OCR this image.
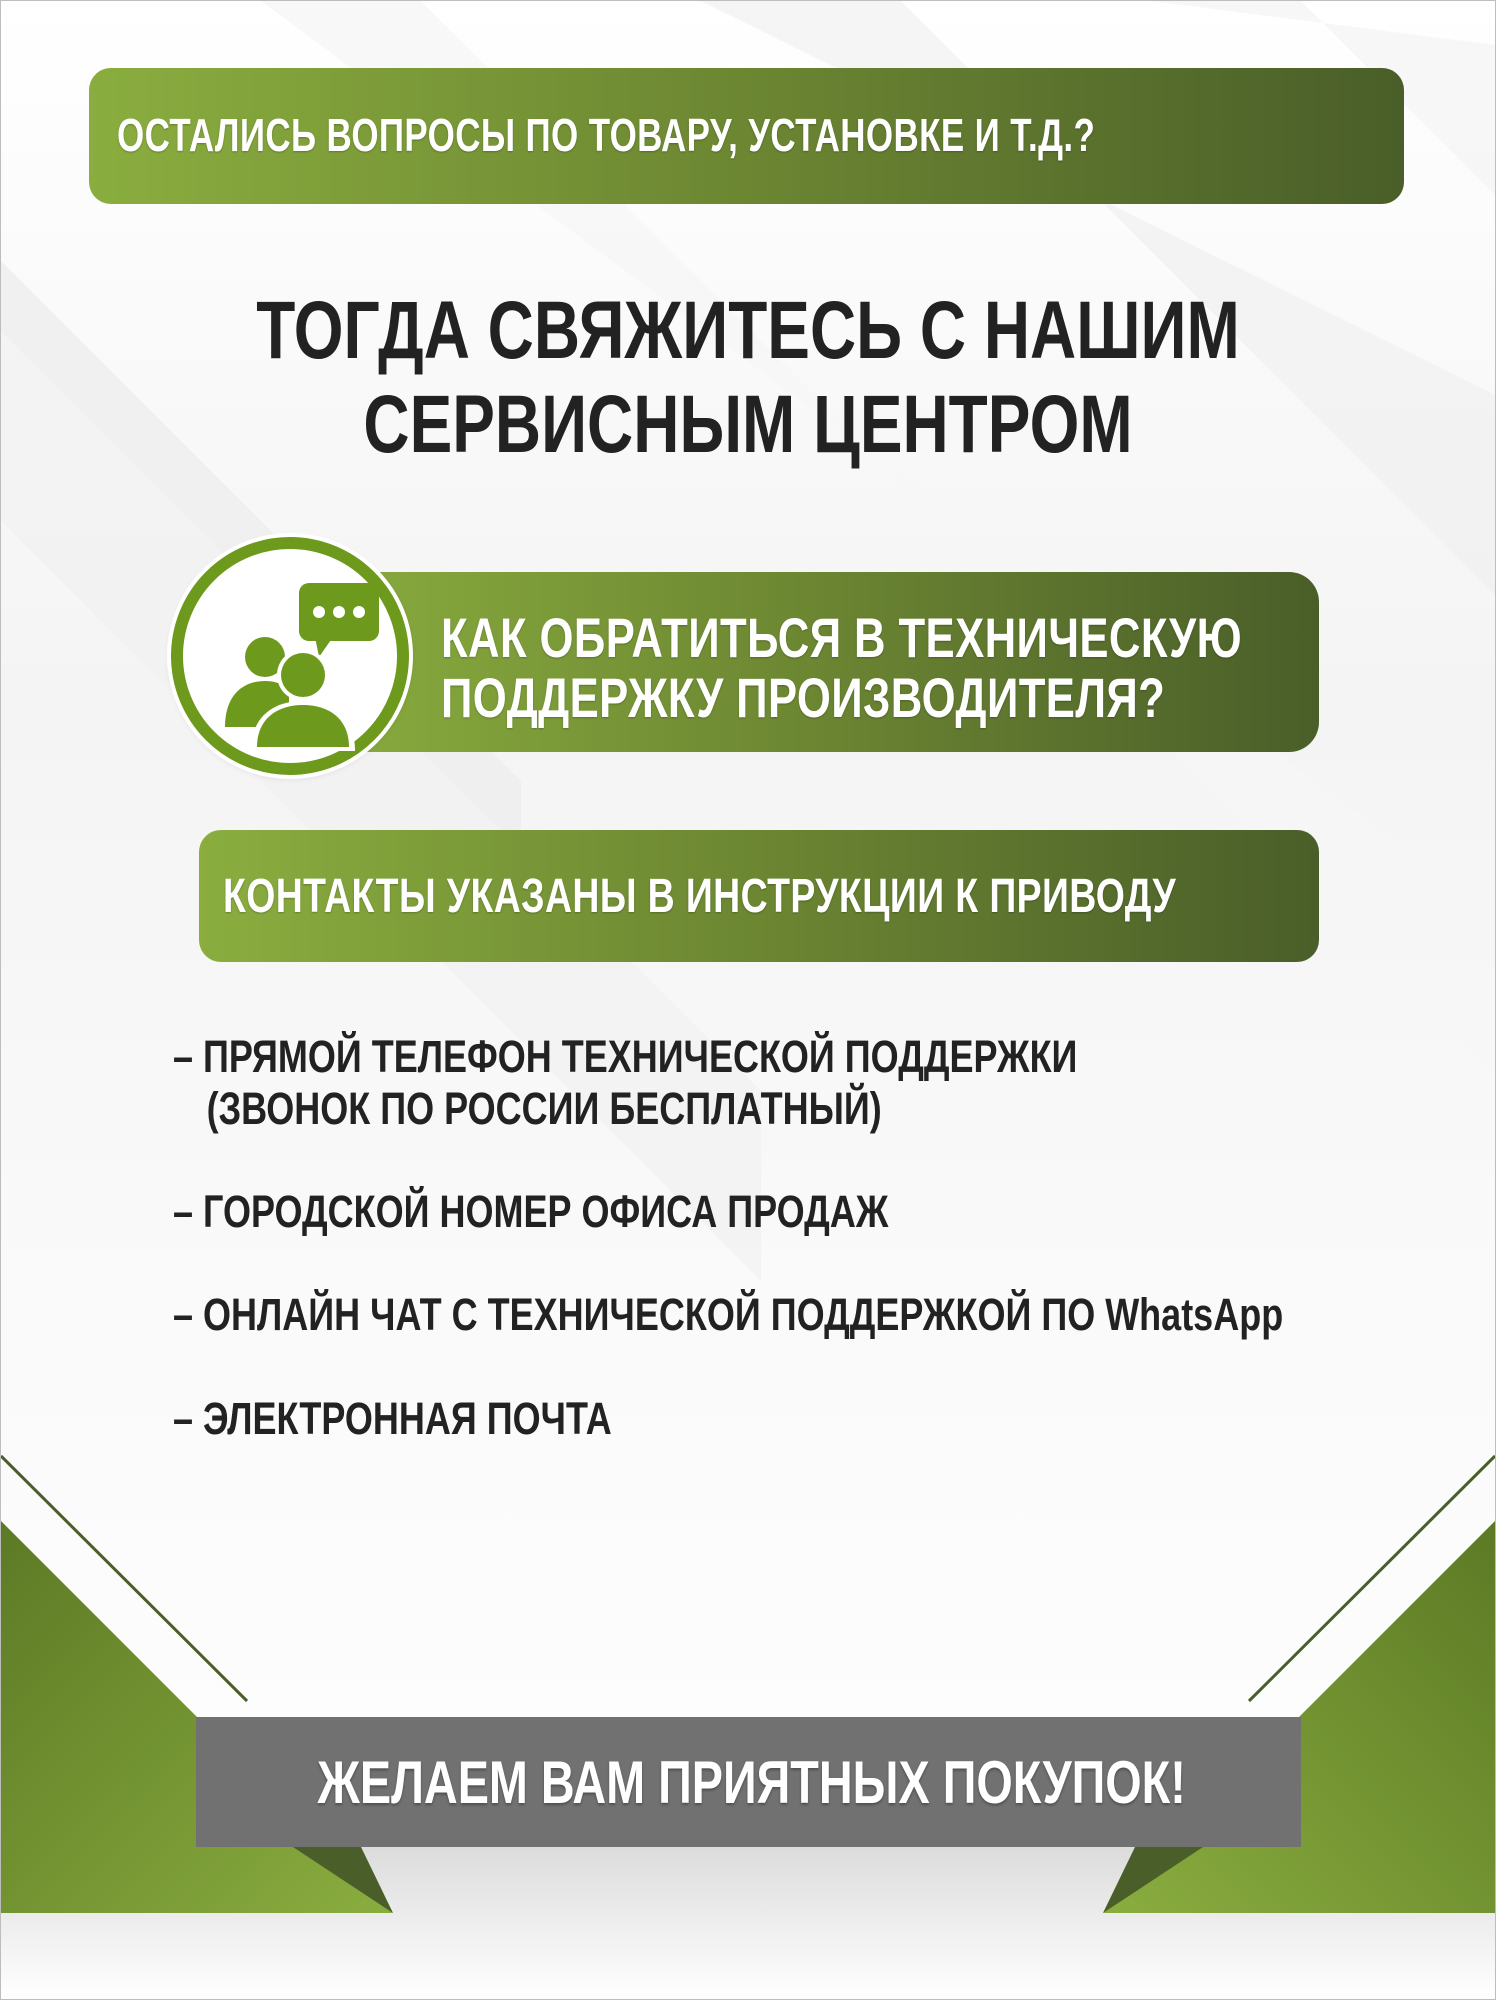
ОСТАЛИСЬ ВОПРОСЫ ПО ТОВАРУ, УСТАНОВКЕ И Т.Д.?
ТОГДА СВЯЖИТЕСЬ С НАШИМ
СЕРВИСНЫМ ЦЕНТРОМ
КАК ОБРАТИТЬСЯ В ТЕХНИЧЕСКУЮ
ПОДДЕРЖКУ ПРОИЗВОДИТЕЛЯ?
КОНТАКТЫ УКАЗАНЫ В ИНСТРУКЦИИ К ПРИВОДУ
– ПРЯМОЙ ТЕЛЕФОН ТЕХНИЧЕСКОЙ ПОДДЕРЖКИ
(ЗВОНОК ПО РОССИИ БЕСПЛАТНЫЙ)
– ГОРОДСКОЙ НОМЕР ОФИСА ПРОДАЖ
– ОНЛАЙН ЧАТ С ТЕХНИЧЕСКОЙ ПОДДЕРЖКОЙ ПО WhatsApp
– ЭЛЕКТРОННАЯ ПОЧТА
ЖЕЛАЕМ ВАМ ПРИЯТНЫХ ПОКУПОК!
